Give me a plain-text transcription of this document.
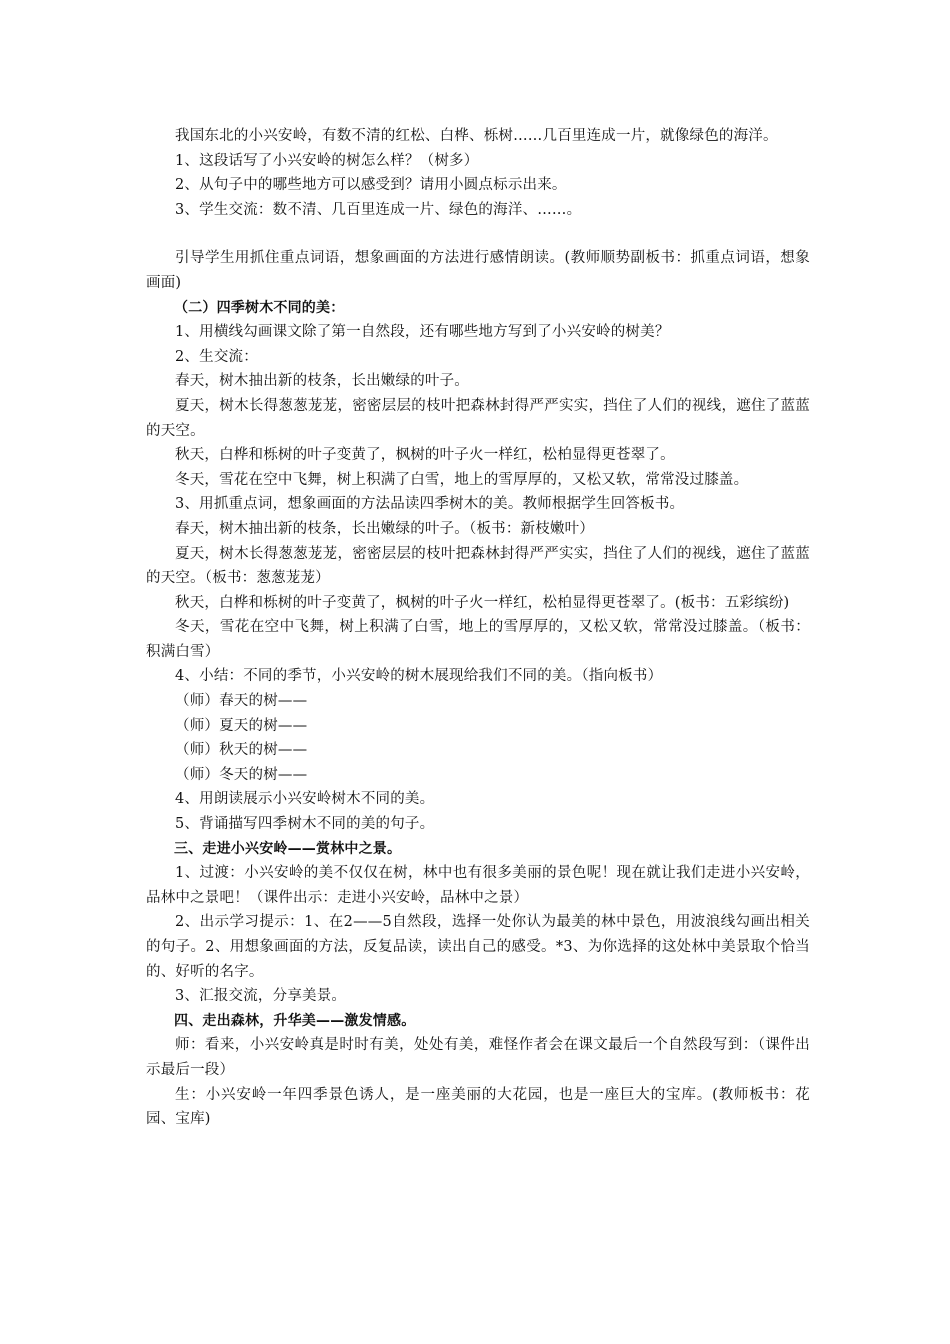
我国东北的小兴安岭，有数不清的红松、白桦、栎树……几百里连成一片，就像绿色的海洋。

1、这段话写了小兴安岭的树怎么样？（树多）

2、从句子中的哪些地方可以感受到？请用小圆点标示出来。

3、学生交流：数不清、几百里连成一片、绿色的海洋、……。

引导学生用抓住重点词语，想象画面的方法进行感情朗读。(教师顺势副板书：抓重点词语，想象画面)

（二）四季树木不同的美：

1、用横线勾画课文除了第一自然段，还有哪些地方写到了小兴安岭的树美？

2、生交流：

春天，树木抽出新的枝条，长出嫩绿的叶子。

夏天，树木长得葱葱茏茏，密密层层的枝叶把森林封得严严实实，挡住了人们的视线，遮住了蓝蓝的天空。

秋天，白桦和栎树的叶子变黄了，枫树的叶子火一样红，松柏显得更苍翠了。

冬天，雪花在空中飞舞，树上积满了白雪，地上的雪厚厚的，又松又软，常常没过膝盖。

3、用抓重点词，想象画面的方法品读四季树木的美。教师根据学生回答板书。

春天，树木抽出新的枝条，长出嫩绿的叶子。（板书：新枝嫩叶）

夏天，树木长得葱葱茏茏，密密层层的枝叶把森林封得严严实实，挡住了人们的视线，遮住了蓝蓝的天空。（板书：葱葱茏茏）

秋天，白桦和栎树的叶子变黄了，枫树的叶子火一样红，松柏显得更苍翠了。(板书：五彩缤纷)

冬天，雪花在空中飞舞，树上积满了白雪，地上的雪厚厚的，又松又软，常常没过膝盖。（板书：积满白雪）

4、小结：不同的季节，小兴安岭的树木展现给我们不同的美。（指向板书）

（师）春天的树——

（师）夏天的树——

（师）秋天的树——

（师）冬天的树——

4、用朗读展示小兴安岭树木不同的美。

5、背诵描写四季树木不同的美的句子。

三、走进小兴安岭——赏林中之景。

1、过渡：小兴安岭的美不仅仅在树，林中也有很多美丽的景色呢！现在就让我们走进小兴安岭，品林中之景吧！（课件出示：走进小兴安岭，品林中之景）

2、出示学习提示：1、在2——5自然段，选择一处你认为最美的林中景色，用波浪线勾画出相关的句子。2、用想象画面的方法，反复品读，读出自己的感受。*3、为你选择的这处林中美景取个恰当的、好听的名字。

3、汇报交流，分享美景。

四、走出森林，升华美——激发情感。

师：看来，小兴安岭真是时时有美，处处有美，难怪作者会在课文最后一个自然段写到：（课件出示最后一段）

生：小兴安岭一年四季景色诱人，是一座美丽的大花园，也是一座巨大的宝库。(教师板书：花园、宝库)
